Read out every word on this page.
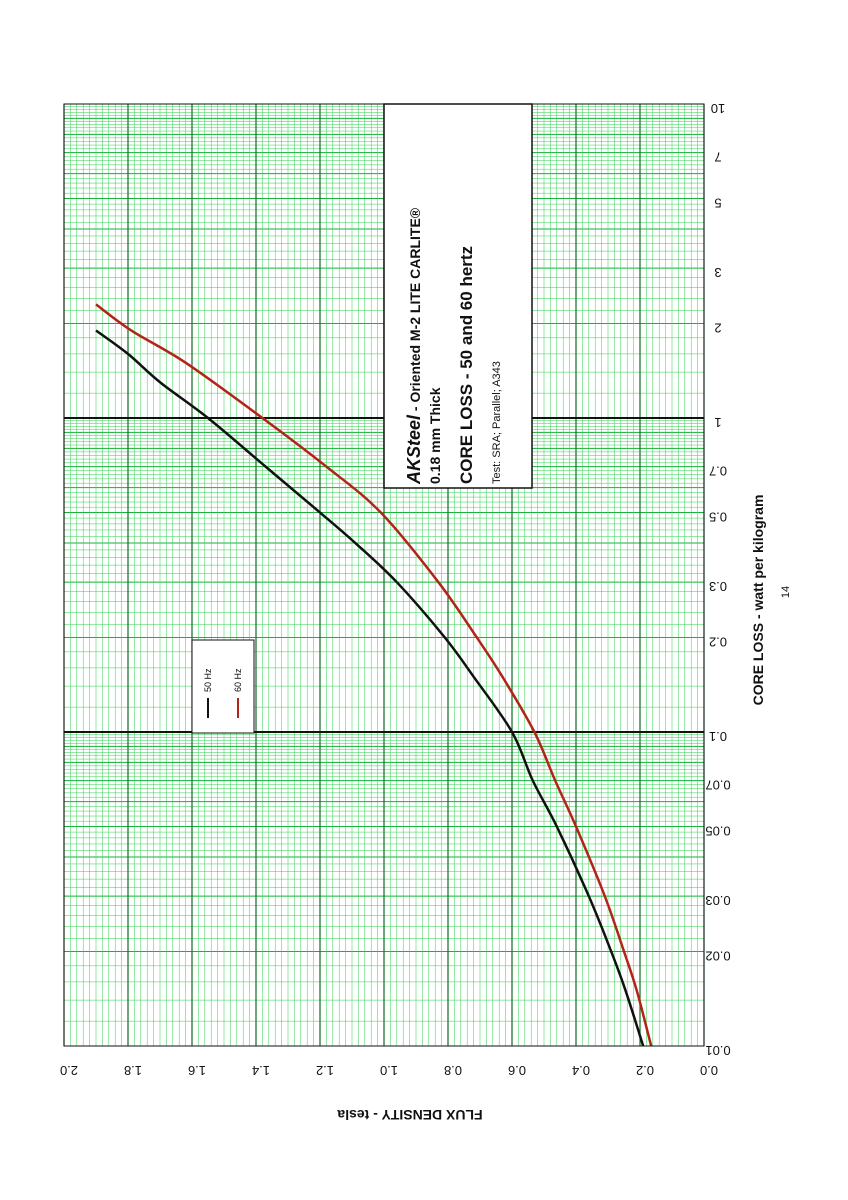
0.0
0.2
0.4
0.6
0.8
1.0
1.2
1.4
1.6
1.8
2.0
0.01
0.02
0.03
0.05
0.07
0.1
0.2
0.3
0.5
0.7
1
2
3
5
7
10
FLUX DENSITY - tesla
CORE LOSS - watt per kilogram 14
AKSteel - Oriented M-2 LITE CARLITE®
0.18 mm Thick CORE LOSS - 50 and 60 hertz Test: SRA; Parallel; A343
50 Hz 60 Hz
